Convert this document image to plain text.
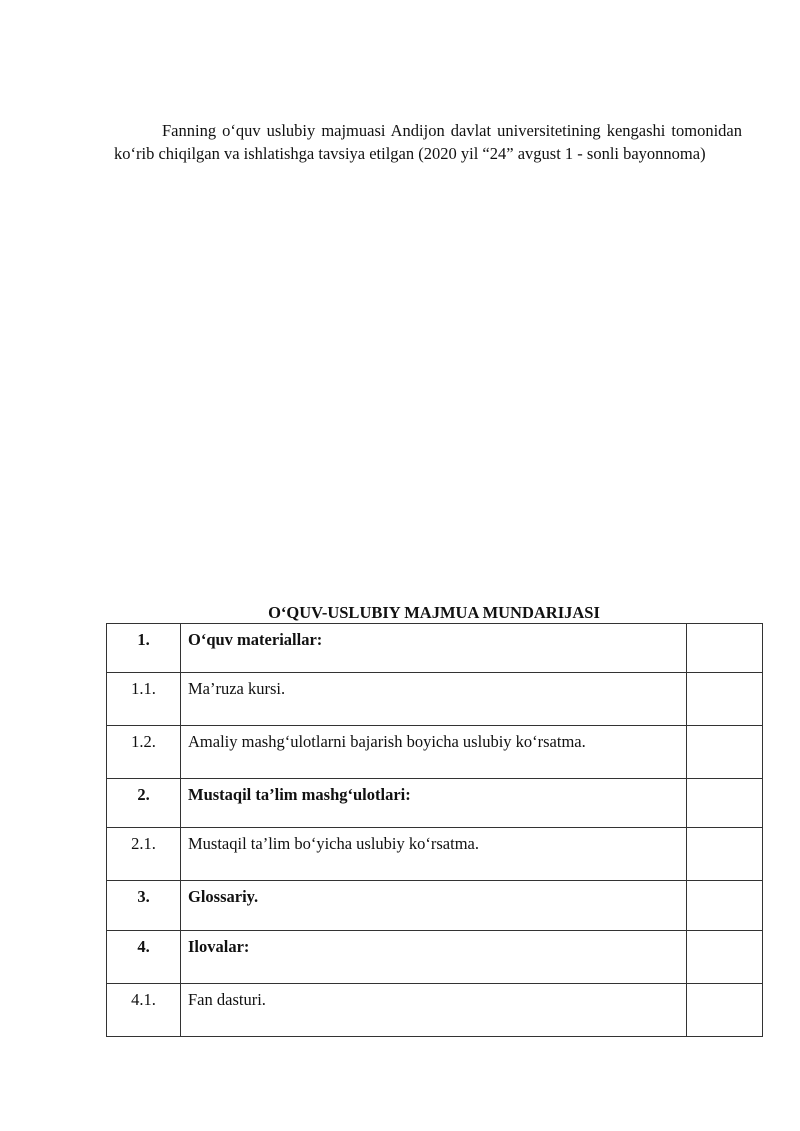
Fanning o‘quv uslubiy majmuasi Andijon davlat universitetining kengashi tomonidan ko‘rib chiqilgan va ishlatishga tavsiya etilgan (2020 yil “24” avgust 1 - sonli bayonnoma)

O‘QUV-USLUBIY MAJMUA MUNDARIJASI
1.	O‘quv materiallar:	
1.1.	Ma’ruza kursi.	
1.2.	Amaliy mashg‘ulotlarni bajarish boyicha uslubiy ko‘rsatma.	
2.	Mustaqil ta’lim mashg‘ulotlari:	
2.1.	Mustaqil ta’lim bo‘yicha uslubiy ko‘rsatma.	
3.	Glossariy.	
4.	Ilovalar:	
4.1.	Fan dasturi.	
